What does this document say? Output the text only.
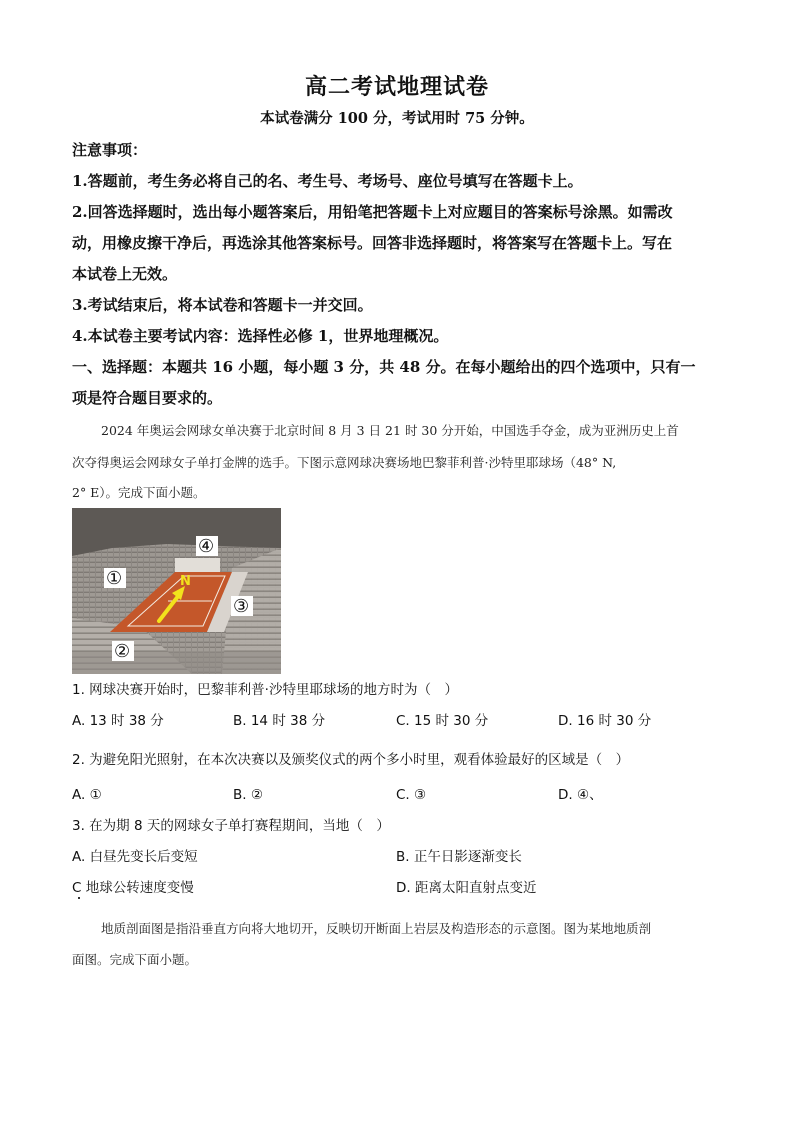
高二考试地理试卷
本试卷满分 100 分，考试用时 75 分钟。
注意事项：
1.答题前，考生务必将自己的名、考生号、考场号、座位号填写在答题卡上。
2.回答选择题时，选出每小题答案后，用铅笔把答题卡上对应题目的答案标号涂黑。如需改
动，用橡皮擦干净后，再选涂其他答案标号。回答非选择题时，将答案写在答题卡上。写在
本试卷上无效。
3.考试结束后，将本试卷和答题卡一并交回。
4.本试卷主要考试内容：选择性必修 1，世界地理概况。
一、选择题：本题共 16 小题，每小题 3 分，共 48 分。在每小题给出的四个选项中，只有一
项是符合题目要求的。
2024 年奥运会网球女单决赛于北京时间 8 月 3 日 21 时 30 分开始，中国选手夺金，成为亚洲历史上首
次夺得奥运会网球女子单打金牌的选手。下图示意网球决赛场地巴黎菲利普·沙特里耶球场（48° N,
2° E）。完成下面小题。
N
④
①
③
②
1. 网球决赛开始时，巴黎菲利普·沙特里耶球场的地方时为（　）
A. 13 时 38 分	B. 14 时 38 分	C. 15 时 30 分	D. 16 时 30 分
2. 为避免阳光照射，在本次决赛以及颁奖仪式的两个多小时里，观看体验最好的区域是（　）
A. ①	B. ②	C. ③	D. ④、
3. 在为期 8 天的网球女子单打赛程期间，当地（　）
A. 白昼先变长后变短	B. 正午日影逐渐变长
C 地球公转速度变慢	D. 距离太阳直射点变近
地质剖面图是指沿垂直方向将大地切开，反映切开断面上岩层及构造形态的示意图。图为某地地质剖
面图。完成下面小题。
